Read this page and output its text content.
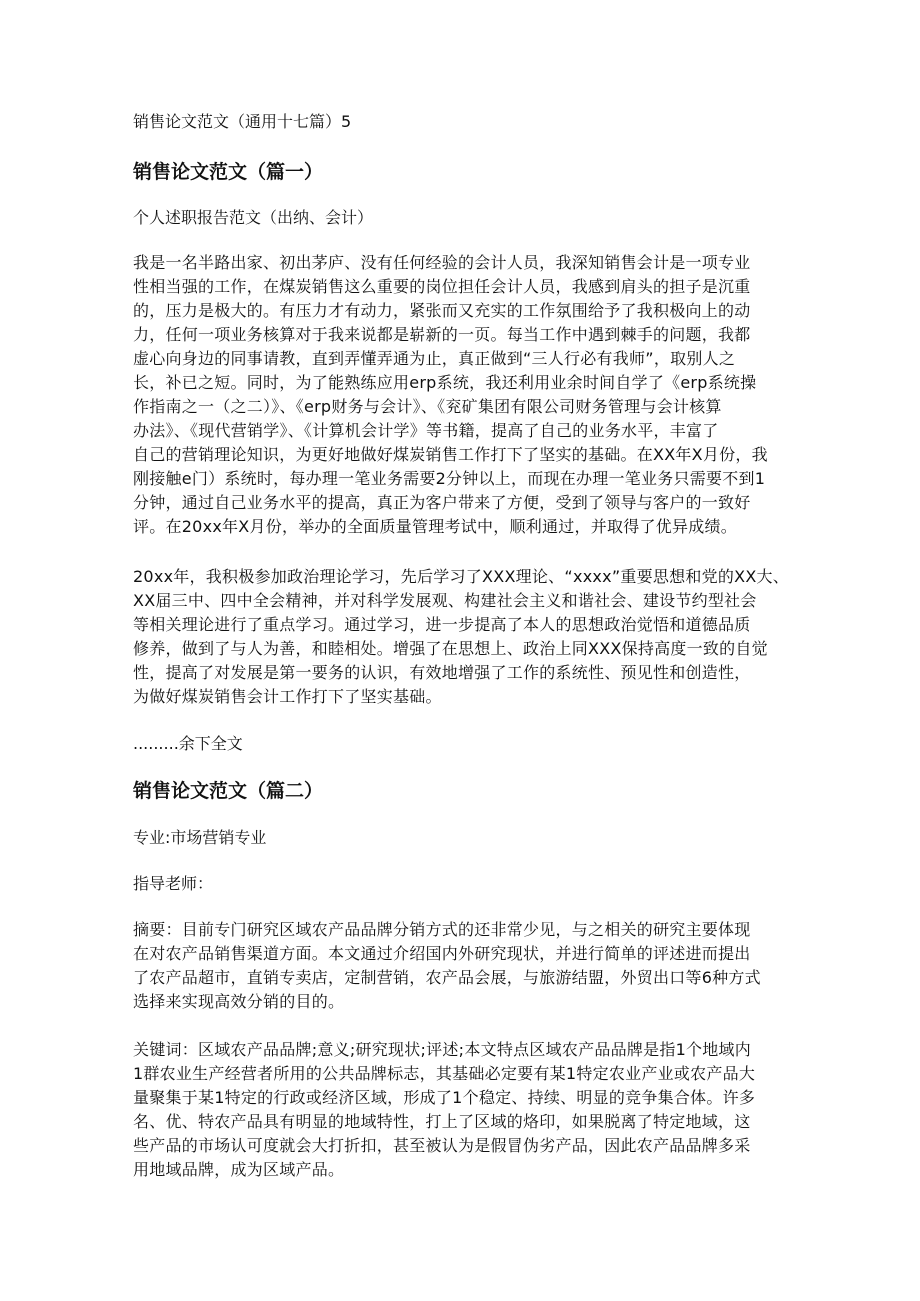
销售论文范文（通用十七篇）5

销售论文范文（篇一）

个人述职报告范文（出纳、会计）

我是一名半路出家、初出茅庐、没有任何经验的会计人员，我深知销售会计是一项专业
性相当强的工作，在煤炭销售这么重要的岗位担任会计人员，我感到肩头的担子是沉重
的，压力是极大的。有压力才有动力，紧张而又充实的工作氛围给予了我积极向上的动
力，任何一项业务核算对于我来说都是崭新的一页。每当工作中遇到棘手的问题，我都
虚心向身边的同事请教，直到弄懂弄通为止，真正做到“三人行必有我师”，取别人之
长，补已之短。同时，为了能熟练应用erp系统，我还利用业余时间自学了《erp系统操
作指南之一（之二）》、《erp财务与会计》、《兖矿集团有限公司财务管理与会计核算
办法》、《现代营销学》、《计算机会计学》等书籍，提高了自己的业务水平，丰富了
自己的营销理论知识，为更好地做好煤炭销售工作打下了坚实的基础。在XX年X月份，我
刚接触e门）系统时，每办理一笔业务需要2分钟以上，而现在办理一笔业务只需要不到1
分钟，通过自己业务水平的提高，真正为客户带来了方便，受到了领导与客户的一致好
评。在20xx年X月份，举办的全面质量管理考试中，顺利通过，并取得了优异成绩。
20xx年，我积极参加政治理论学习，先后学习了XXX理论、“xxxx”重要思想和党的XX大、
XX届三中、四中全会精神，并对科学发展观、构建社会主义和谐社会、建设节约型社会
等相关理论进行了重点学习。通过学习，进一步提高了本人的思想政治觉悟和道德品质
修养，做到了与人为善，和睦相处。增强了在思想上、政治上同XXX保持高度一致的自觉
性，提高了对发展是第一要务的认识，有效地增强了工作的系统性、预见性和创造性，
为做好煤炭销售会计工作打下了坚实基础。

.........余下全文

销售论文范文（篇二）

专业:市场营销专业

指导老师：

摘要：目前专门研究区域农产品品牌分销方式的还非常少见，与之相关的研究主要体现
在对农产品销售渠道方面。本文通过介绍国内外研究现状，并进行简单的评述进而提出
了农产品超市，直销专卖店，定制营销，农产品会展，与旅游结盟，外贸出口等6种方式
选择来实现高效分销的目的。
关键词：区域农产品品牌;意义;研究现状;评述;本文特点区域农产品品牌是指1个地域内
1群农业生产经营者所用的公共品牌标志，其基础必定要有某1特定农业产业或农产品大
量聚集于某1特定的行政或经济区域，形成了1个稳定、持续、明显的竞争集合体。许多
名、优、特农产品具有明显的地域特性，打上了区域的烙印，如果脱离了特定地域，这
些产品的市场认可度就会大打折扣，甚至被认为是假冒伪劣产品，因此农产品品牌多采
用地域品牌，成为区域产品。
